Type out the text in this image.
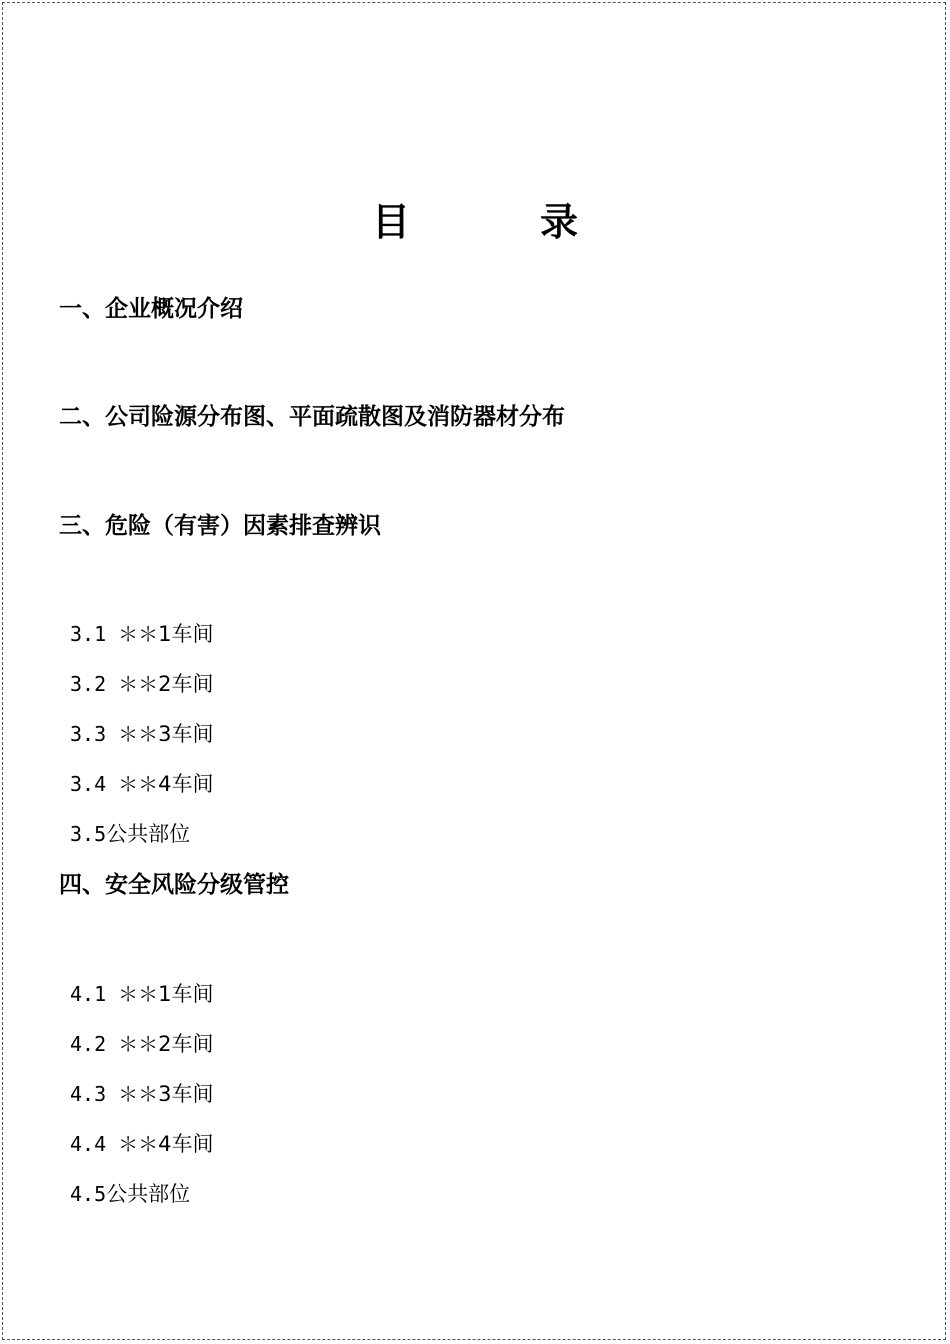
目　录
一、企业概况介绍
二、公司险源分布图、平面疏散图及消防器材分布
三、危险（有害）因素排查辨识
3.1 ＊＊1车间
3.2 ＊＊2车间
3.3 ＊＊3车间
3.4 ＊＊4车间
3.5公共部位
四、安全风险分级管控
4.1 ＊＊1车间
4.2 ＊＊2车间
4.3 ＊＊3车间
4.4 ＊＊4车间
4.5公共部位
